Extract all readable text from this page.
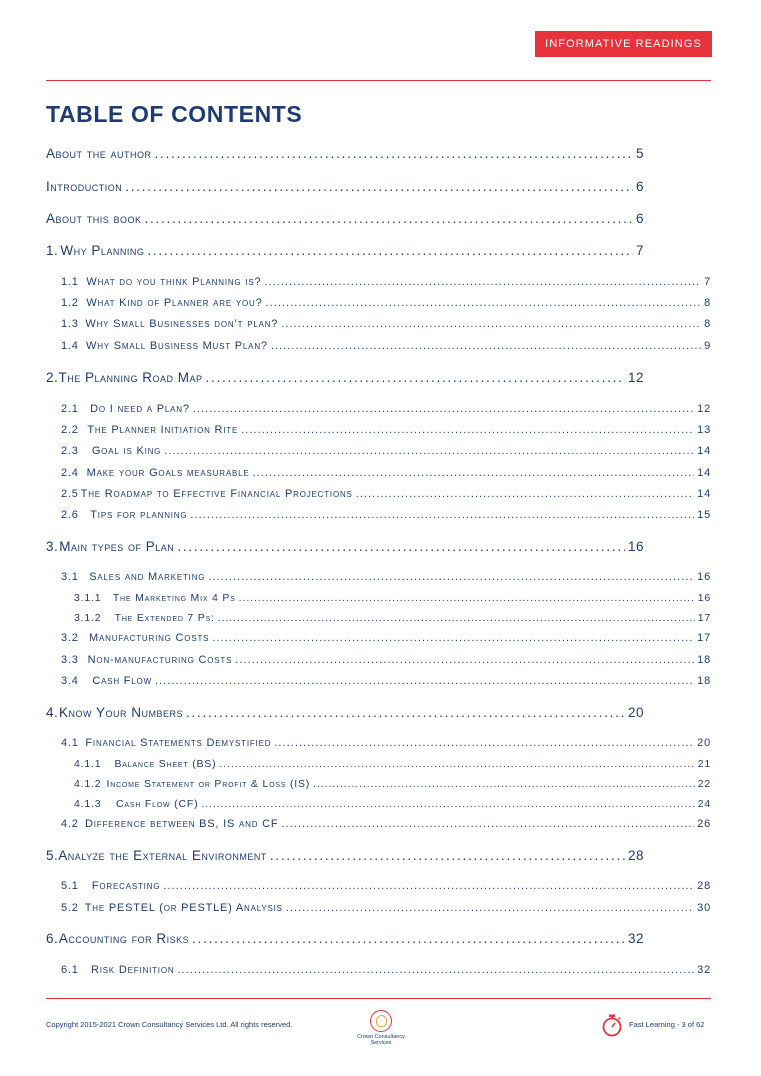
INFORMATIVE READINGS
TABLE OF CONTENTS
About the author . . .	5
Introduction . . .	6
About this book . . .	6
1. Why Planning . . .	7
1.1 What do you think Planning is? . . .	7
1.2 What Kind of Planner are you? . . .	8
1.3 Why Small Businesses don’t plan? . . .	8
1.4 Why Small Business Must Plan? . . .	9
2. The Planning Road Map . . .	12
2.1	Do I need a Plan? . . .	12
2.2 The Planner Initiation Rite . . .	13
2.3	Goal is King . . .	14
2.4 Make your Goals measurable . . .	14
2.5 The Roadmap to Effective Financial Projections . . .	14
2.6	Tips for planning . . .	15
3. Main types of Plan . . .	16
3.1 Sales and Marketing . . .	16
3.1.1	The Marketing Mix 4 Ps . . .	16
3.1.2	The Extended 7 Ps: . . .	17
3.2 Manufacturing Costs . . .	17
3.3 Non-manufacturing Costs . . .	18
3.4	Cash Flow . . .	18
4. Know Your Numbers . . .	20
4.1 Financial Statements Demystified . . .	20
4.1.1	Balance Sheet (BS) . . .	21
4.1.2 Income Statement or Profit & Loss (IS) . . .	22
4.1.3	Cash Flow (CF) . . .	24
4.2 Difference between BS, IS and CF . . .	26
5. Analyze the External Environment . . .	28
5.1	Forecasting . . .	28
5.2 The PESTEL (or PESTLE) Analysis . . .	30
6. Accounting for Risks . . .	32
6.1	Risk Definition . . .	32
Copyright 2015-2021 Crown Consultancy Services Ltd. All rights reserved.
Crown Consultancy
Services
Fast Learning - 3 of 62
